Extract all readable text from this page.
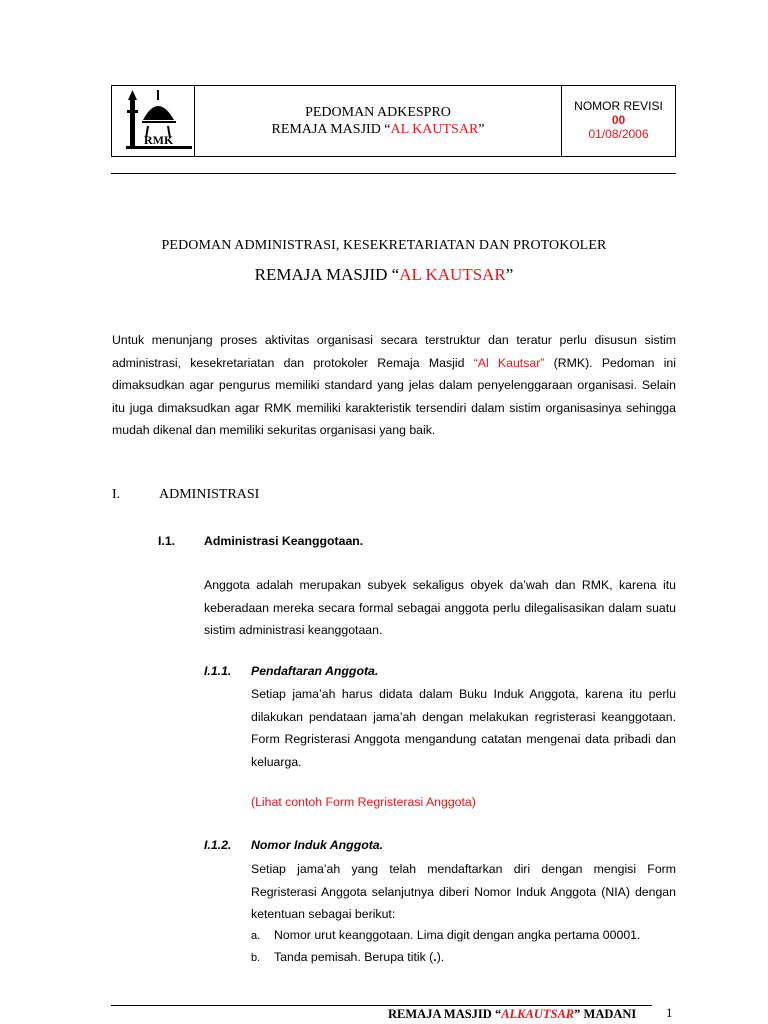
RMK
PEDOMAN ADKESPRO
REMAJA MASJID “AL KAUTSAR”
NOMOR REVISI
00
01/08/2006
PEDOMAN ADMINISTRASI, KESEKRETARIATAN DAN PROTOKOLER
REMAJA MASJID “AL KAUTSAR”

Untuk menunjang proses aktivitas organisasi secara terstruktur dan teratur perlu disusun sistim administrasi, kesekretariatan dan protokoler Remaja Masjid “Al Kautsar” (RMK). Pedoman ini dimaksudkan agar pengurus memiliki standard yang jelas dalam penyelenggaraan organisasi. Selain itu juga dimaksudkan agar RMK memiliki karakteristik tersendiri dalam sistim organisasinya sehingga mudah dikenal dan memiliki sekuritas organisasi yang baik.

I.	ADMINISTRASI
I.1. Administrasi Keanggotaan.

Anggota adalah merupakan subyek sekaligus obyek da’wah dan RMK, karena itu keberadaan mereka secara formal sebagai anggota perlu dilegalisasikan dalam suatu sistim administrasi keanggotaan.

I.1.1. Pendaftaran Anggota.

Setiap jama’ah harus didata dalam Buku Induk Anggota, karena itu perlu dilakukan pendataan jama’ah dengan melakukan regristerasi keanggotaan. Form Regristerasi Anggota mengandung catatan mengenai data pribadi dan keluarga.

(Lihat contoh Form Regristerasi Anggota)
I.1.2. Nomor Induk Anggota.

Setiap jama’ah yang telah mendaftarkan diri dengan mengisi Form Regristerasi Anggota selanjutnya diberi Nomor Induk Anggota (NIA) dengan ketentuan sebagai berikut:

a. Nomor urut keanggotaan. Lima digit dengan angka pertama 00001.
b. Tanda pemisah. Berupa titik (.).
REMAJA MASJID “ALKAUTSAR” MADANI 1
